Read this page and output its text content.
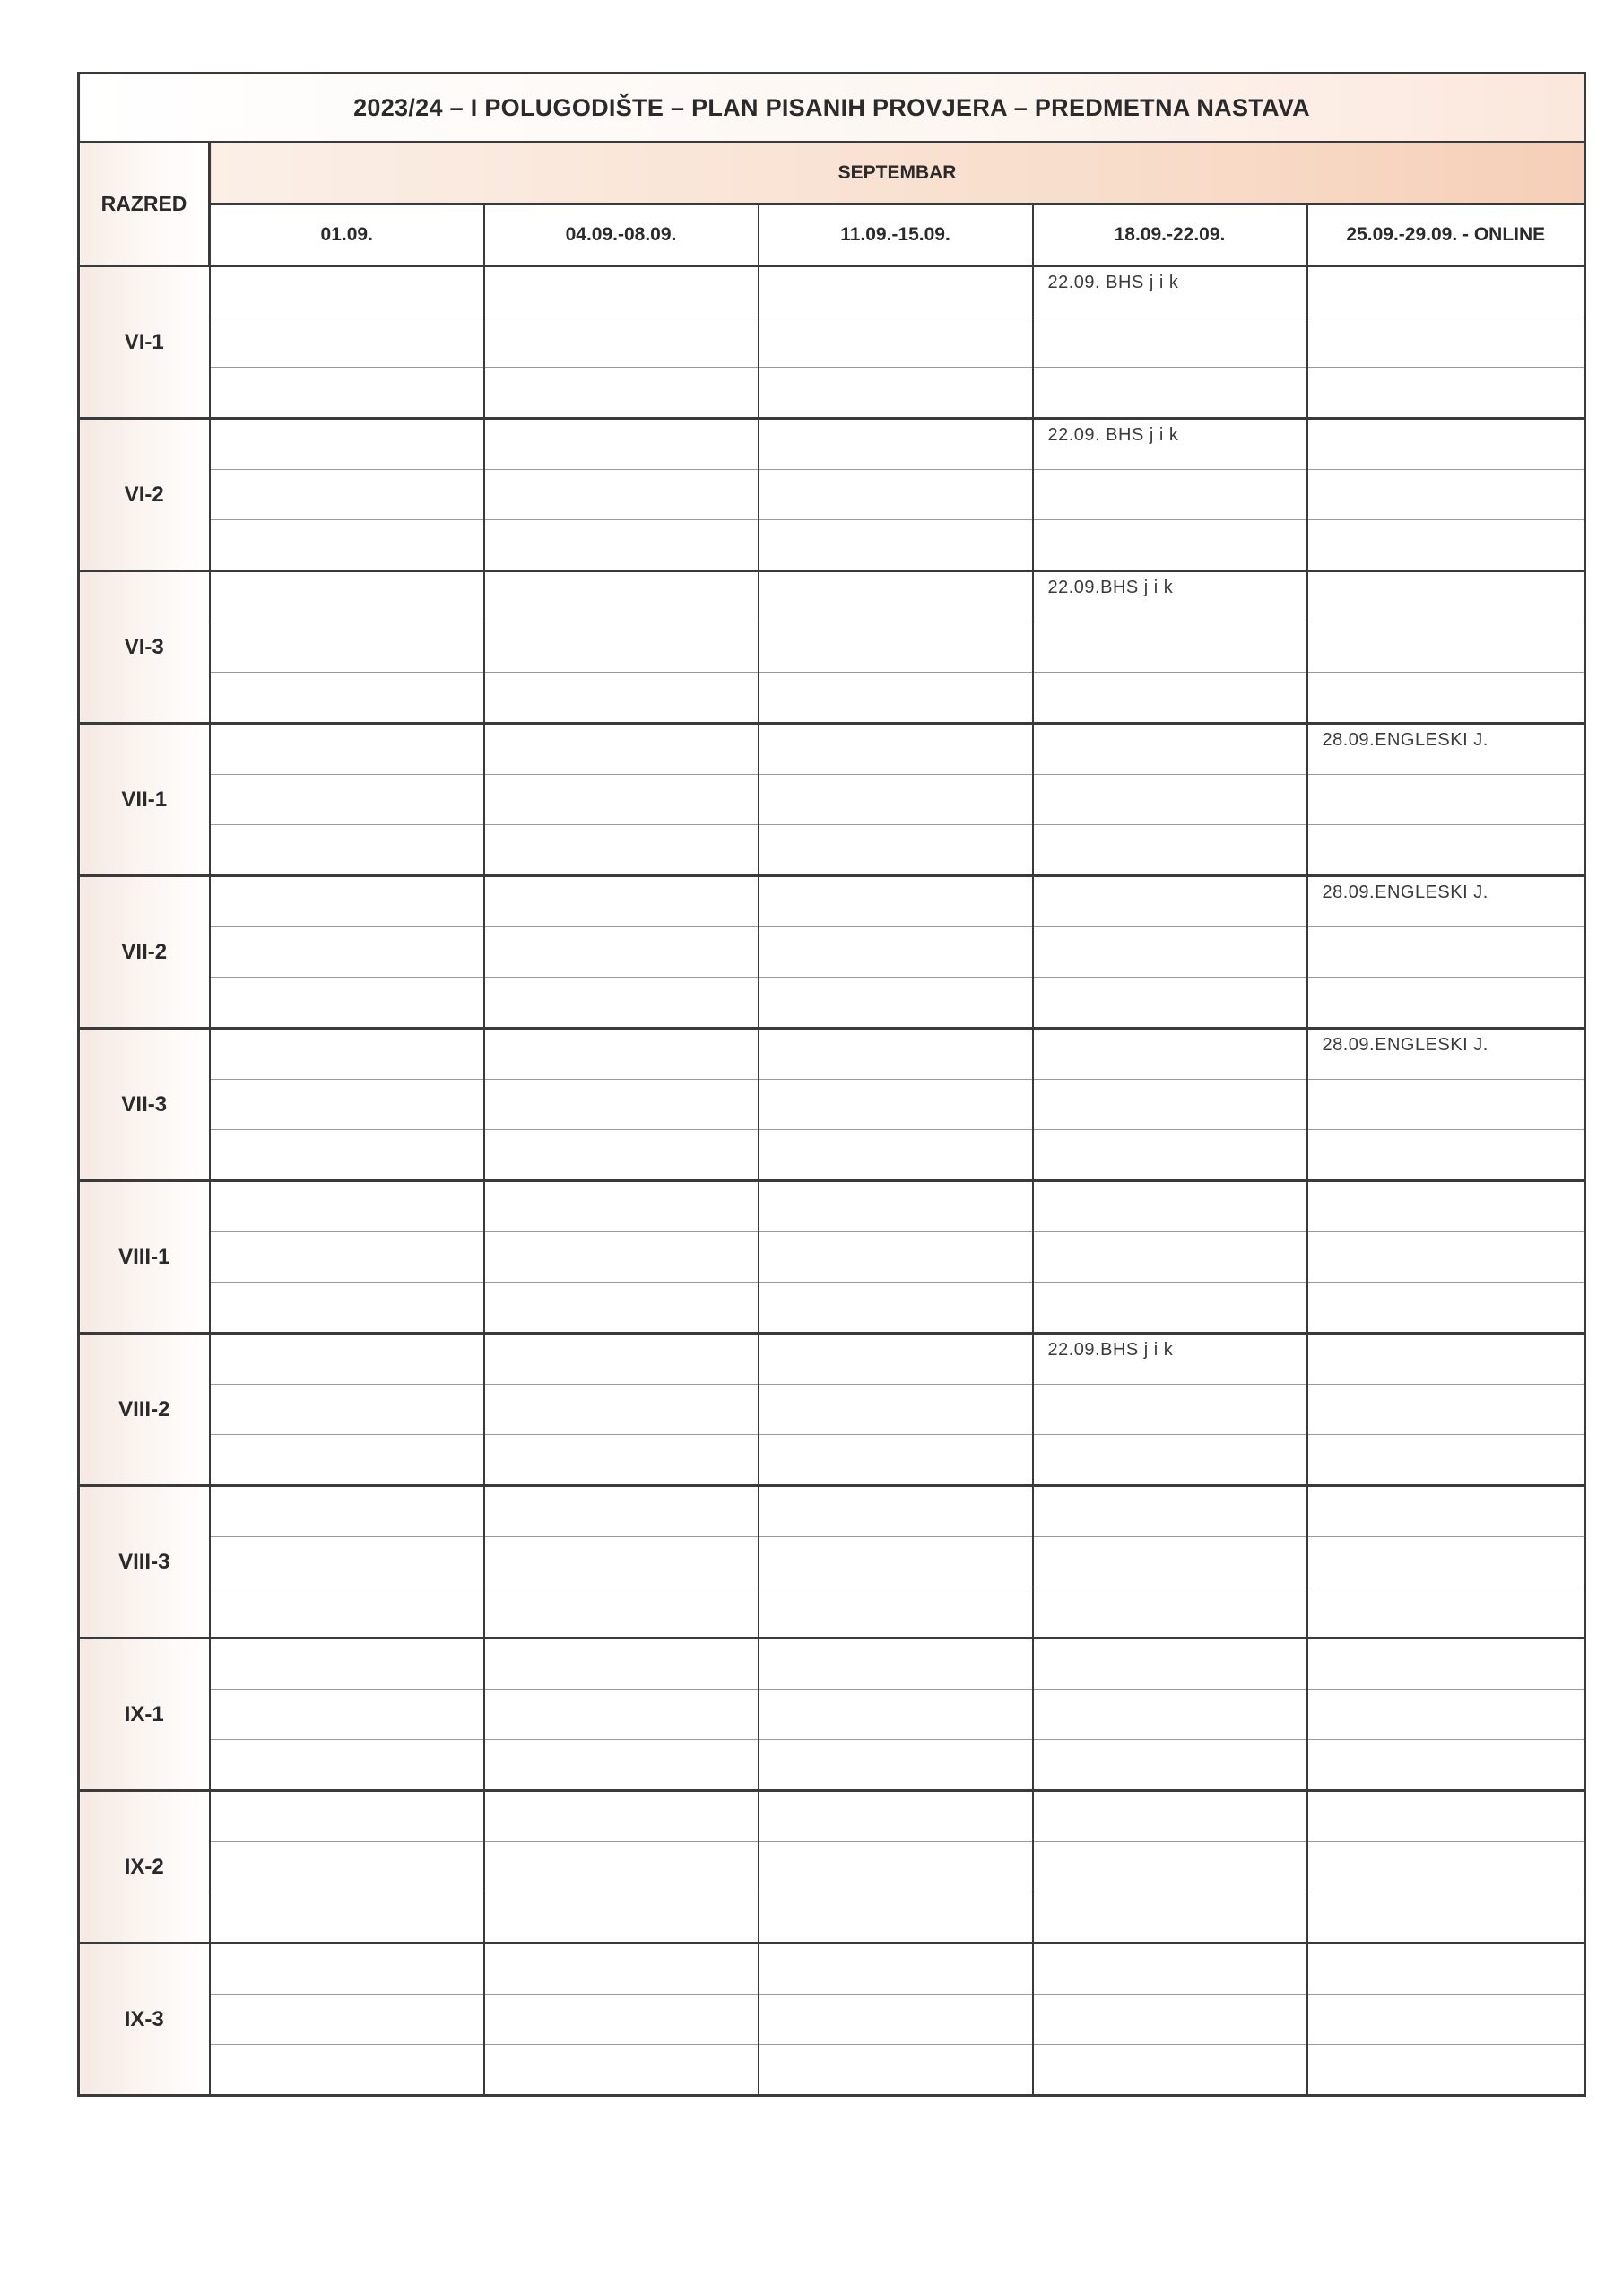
2023/24 – I POLUGODIŠTE – PLAN PISANIH PROVJERA – PREDMETNA NASTAVA					
RAZRED	SEPTEMBAR				
	01.09.	04.09.-08.09.	11.09.-15.09.	18.09.-22.09.	25.09.-29.09. - ONLINE
VI-1				22.09. BHS j i k	

VI-2				22.09. BHS j i k	

VI-3				22.09.BHS j i k	

VII-1					28.09.ENGLESKI J.

VII-2					28.09.ENGLESKI J.

VII-3					28.09.ENGLESKI J.

VIII-1	

VIII-2				22.09.BHS j i k	

VIII-3	

IX-1	

IX-2	

IX-3	
